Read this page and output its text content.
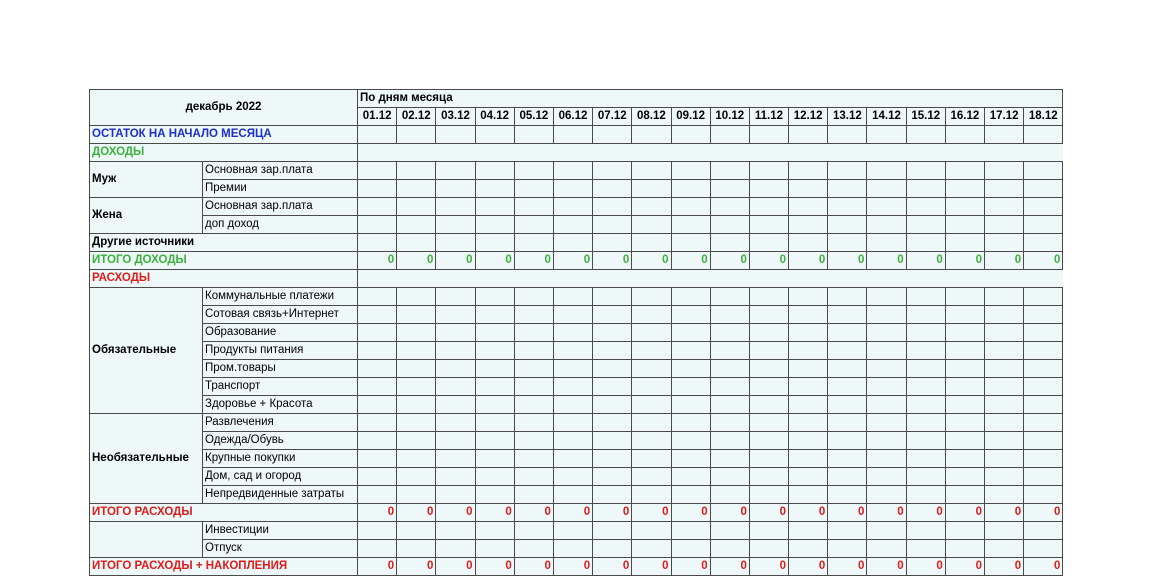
декабрь 2022		По дням месяца																	
		01.12	02.12	03.12	04.12	05.12	06.12	07.12	08.12	09.12	10.12	11.12	12.12	13.12	14.12	15.12	16.12	17.12	18.12
ОСТАТОК НА НАЧАЛО МЕСЯЦА																			
ДОХОДЫ																			
Муж	Основная зар.плата																		
	Премии																		
Жена	Основная зар.плата																		
	доп доход																		
Другие источники																			
ИТОГО ДОХОДЫ		0	0	0	0	0	0	0	0	0	0	0	0	0	0	0	0	0	0
РАСХОДЫ																			
Обязательные	Коммунальные платежи																		
	Сотовая связь+Интернет																		
	Образование																		
	Продукты питания																		
	Пром.товары																		
	Транспорт																		
	Здоровье + Красота																		
Необязательные	Развлечения																		
	Одежда/Обувь																		
	Крупные покупки																		
	Дом, сад и огород																		
	Непредвиденные затраты																		
ИТОГО РАСХОДЫ		0	0	0	0	0	0	0	0	0	0	0	0	0	0	0	0	0	0
	Инвестиции																		
	Отпуск																		
ИТОГО РАСХОДЫ + НАКОПЛЕНИЯ		0	0	0	0	0	0	0	0	0	0	0	0	0	0	0	0	0	0
